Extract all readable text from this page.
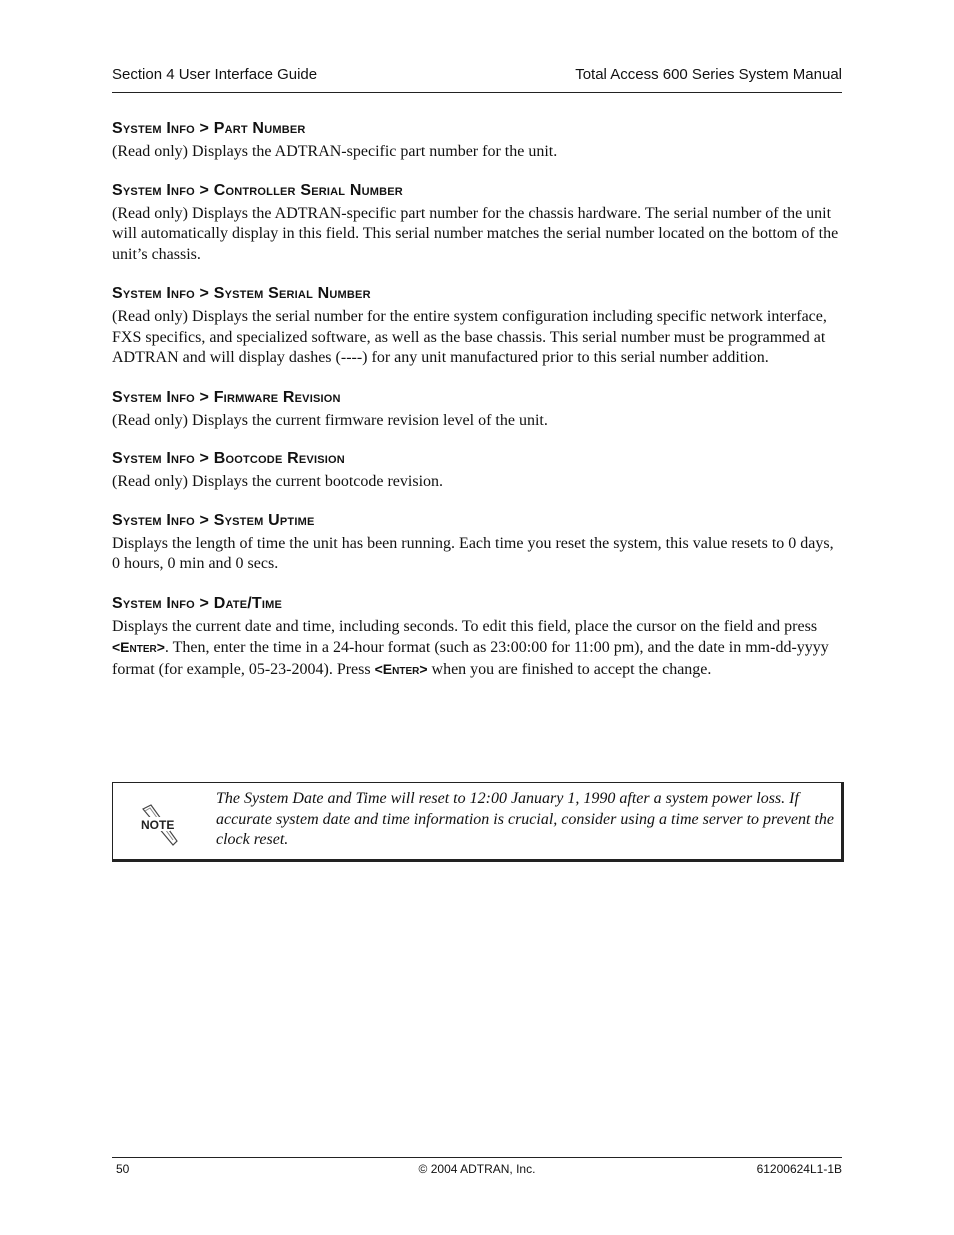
Section 4 User Interface Guide	Total Access 600 Series System Manual
System Info > Part Number

(Read only) Displays the ADTRAN-specific part number for the unit.

System Info > Controller Serial Number

(Read only) Displays the ADTRAN-specific part number for the chassis hardware. The serial number of the unit will automatically display in this field. This serial number matches the serial number located on the bottom of the unit’s chassis.

System Info > System Serial Number

(Read only) Displays the serial number for the entire system configuration including specific network interface, FXS specifics, and specialized software, as well as the base chassis. This serial number must be programmed at ADTRAN and will display dashes (----) for any unit manufactured prior to this serial number addition.

System Info > Firmware Revision

(Read only) Displays the current firmware revision level of the unit.

System Info > Bootcode Revision

(Read only) Displays the current bootcode revision.

System Info > System Uptime

Displays the length of time the unit has been running. Each time you reset the system, this value resets to 0 days, 0 hours, 0 min and 0 secs.

System Info > Date/Time

Displays the current date and time, including seconds. To edit this field, place the cursor on the field and press <Enter>. Then, enter the time in a 24-hour format (such as 23:00:00 for 11:00 pm), and the date in mm-dd-yyyy format (for example, 05-23-2004). Press <Enter> when you are finished to accept the change.

NOTE
The System Date and Time will reset to 12:00 January 1, 1990 after a system power loss. If accurate system date and time information is crucial, consider using a time server to prevent the clock reset.
50	© 2004 ADTRAN, Inc.	61200624L1-1B
